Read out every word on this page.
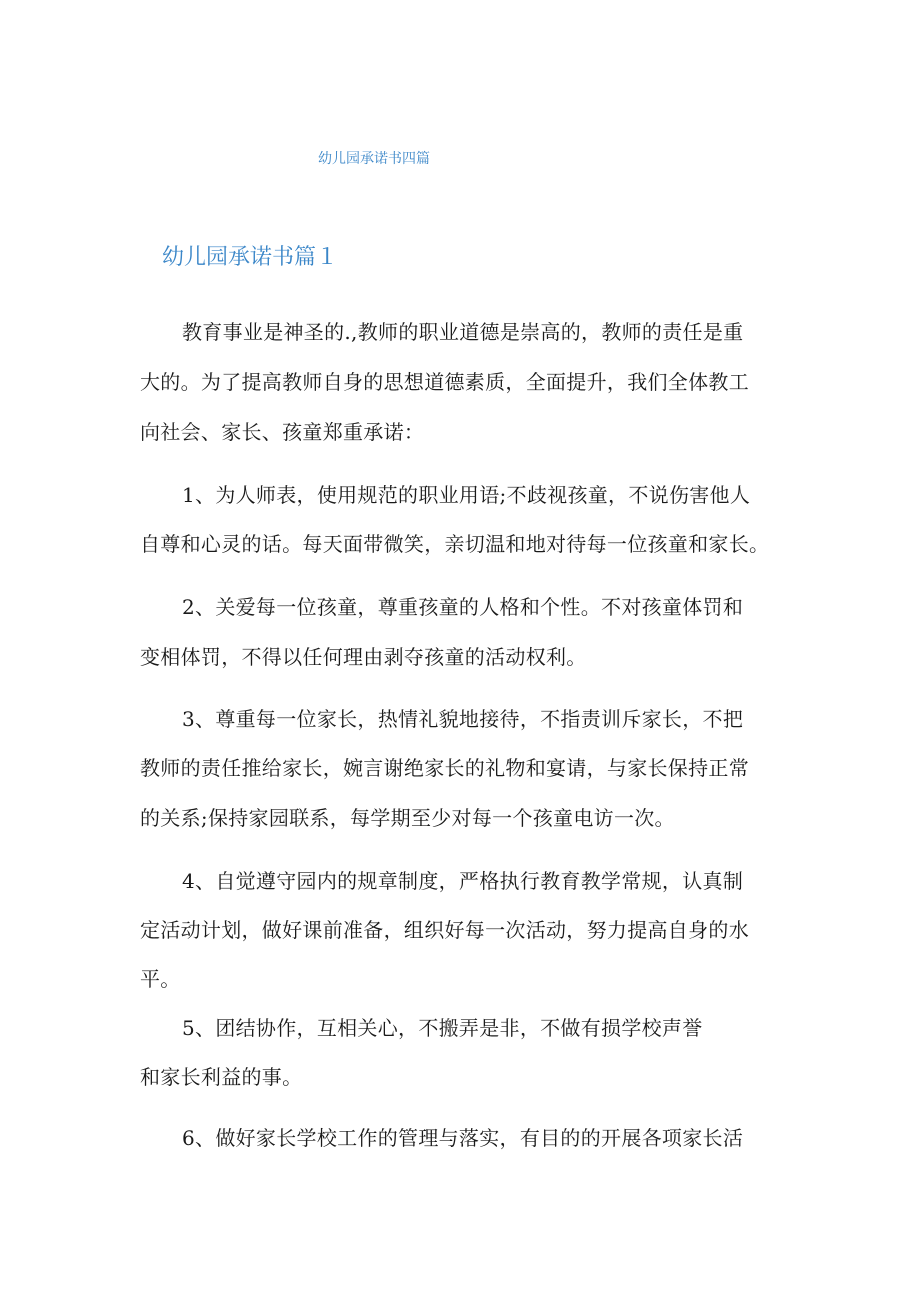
幼儿园承诺书四篇
幼儿园承诺书篇１
教育事业是神圣的.,教师的职业道德是崇高的，教师的责任是重
大的。为了提高教师自身的思想道德素质，全面提升，我们全体教工
向社会、家长、孩童郑重承诺：
1、为人师表，使用规范的职业用语;不歧视孩童，不说伤害他人
自尊和心灵的话。每天面带微笑，亲切温和地对待每一位孩童和家长。
2、关爱每一位孩童，尊重孩童的人格和个性。不对孩童体罚和
变相体罚，不得以任何理由剥夺孩童的活动权利。
3、尊重每一位家长，热情礼貌地接待，不指责训斥家长，不把
教师的责任推给家长，婉言谢绝家长的礼物和宴请，与家长保持正常
的关系;保持家园联系，每学期至少对每一个孩童电访一次。
4、自觉遵守园内的规章制度，严格执行教育教学常规，认真制
定活动计划，做好课前准备，组织好每一次活动，努力提高自身的水
平。
5、团结协作，互相关心，不搬弄是非，不做有损学校声誉
和家长利益的事。
6、做好家长学校工作的管理与落实，有目的的开展各项家长活
